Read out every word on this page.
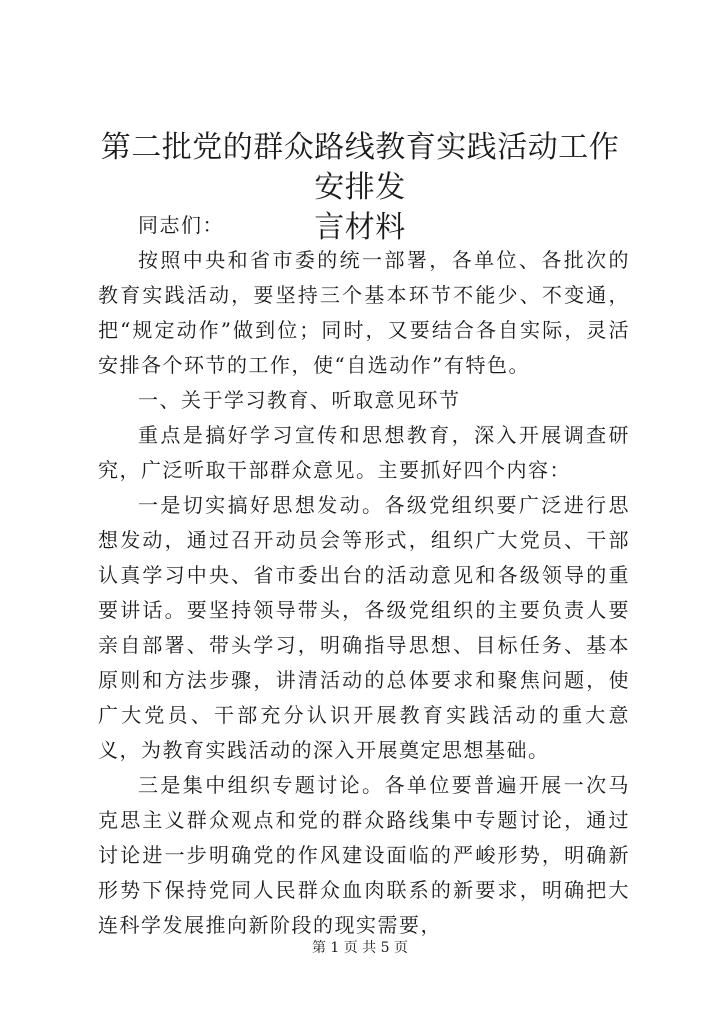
第二批党的群众路线教育实践活动工作安排发
言材料

同志们：

按照中央和省市委的统一部署，各单位、各批次的教育实践活动，要坚持三个基本环节不能少、不变通，把“规定动作”做到位；同时，又要结合各自实际，灵活安排各个环节的工作，使“自选动作”有特色。

一、关于学习教育、听取意见环节

重点是搞好学习宣传和思想教育，深入开展调查研究，广泛听取干部群众意见。主要抓好四个内容：

一是切实搞好思想发动。各级党组织要广泛进行思想发动，通过召开动员会等形式，组织广大党员、干部认真学习中央、省市委出台的活动意见和各级领导的重要讲话。要坚持领导带头，各级党组织的主要负责人要亲自部署、带头学习，明确指导思想、目标任务、基本原则和方法步骤，讲清活动的总体要求和聚焦问题，使广大党员、干部充分认识开展教育实践活动的重大意义，为教育实践活动的深入开展奠定思想基础。

三是集中组织专题讨论。各单位要普遍开展一次马克思主义群众观点和党的群众路线集中专题讨论，通过讨论进一步明确党的作风建设面临的严峻形势，明确新形势下保持党同人民群众血肉联系的新要求，明确把大连科学发展推向新阶段的现实需要，

第 1 页 共 5 页
